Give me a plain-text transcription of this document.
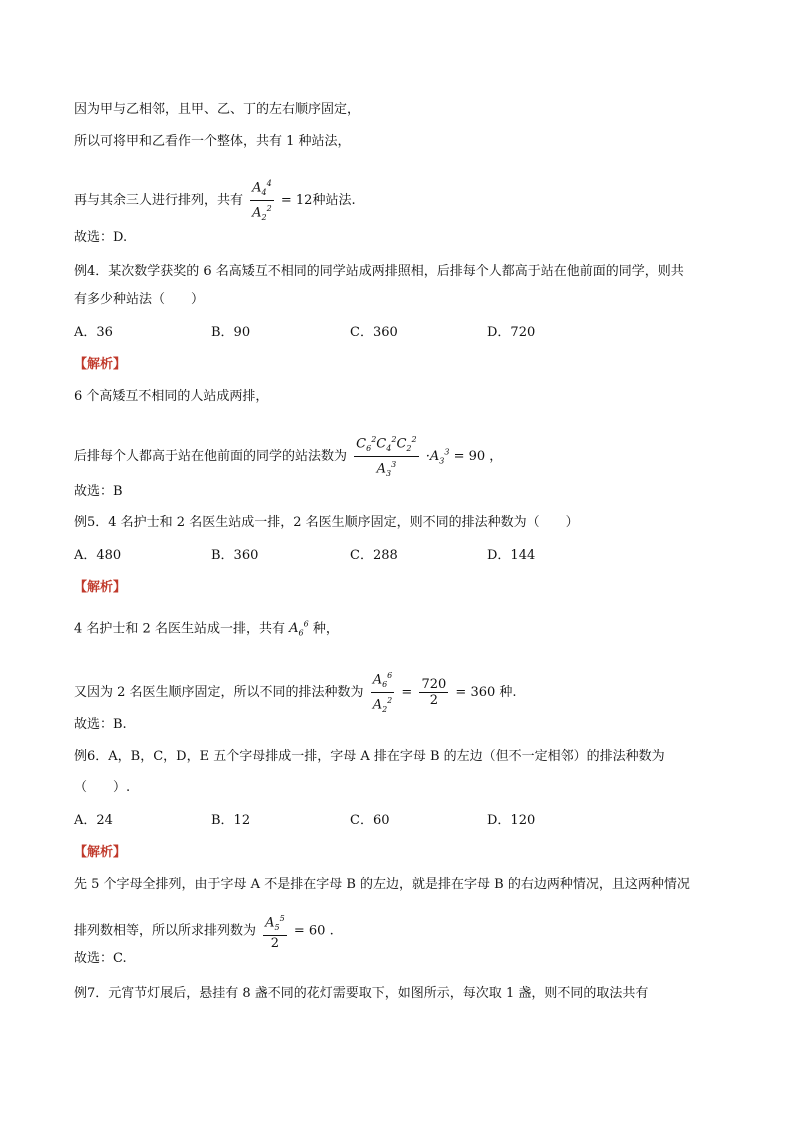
因为甲与乙相邻，且甲、乙、丁的左右顺序固定，
所以可将甲和乙看作一个整体，共有 1 种站法，
再与其余三人进行排列，共有 $\frac{A_4^4}{A_2^2} = 12$种站法.
故选：D.
例4．某次数学获奖的 6 名高矮互不相同的同学站成两排照相，后排每个人都高于站在他前面的同学，则共
有多少种站法（　　）
A．36	B．90	C．360	D．720
【解析】
6 个高矮互不相同的人站成两排，
后排每个人都高于站在他前面的同学的站法数为 $\frac{C_6^2C_4^2C_2^2}{A_3^3} \cdot A_3^3 = 90$ ，
故选：B
例5．4 名护士和 2 名医生站成一排，2 名医生顺序固定，则不同的排法种数为（　　）
A．480	B．360	C．288	D．144
【解析】
4 名护士和 2 名医生站成一排，共有 $A_6^6$ 种，
又因为 2 名医生顺序固定，所以不同的排法种数为 $\frac{A_6^6}{A_2^2} = \frac{720}{2} = 360$ 种.
故选：B.
例6．A，B，C，D，E 五个字母排成一排，字母 A 排在字母 B 的左边（但不一定相邻）的排法种数为
（　　）.
A．24	B．12	C．60	D．120
【解析】
先 5 个字母全排列，由于字母 A 不是排在字母 B 的左边，就是排在字母 B 的右边两种情况，且这两种情况
排列数相等，所以所求排列数为 $\frac{A_5^5}{2} = 60$ .
故选：C.
例7．元宵节灯展后，悬挂有 8 盏不同的花灯需要取下，如图所示，每次取 1 盏，则不同的取法共有
